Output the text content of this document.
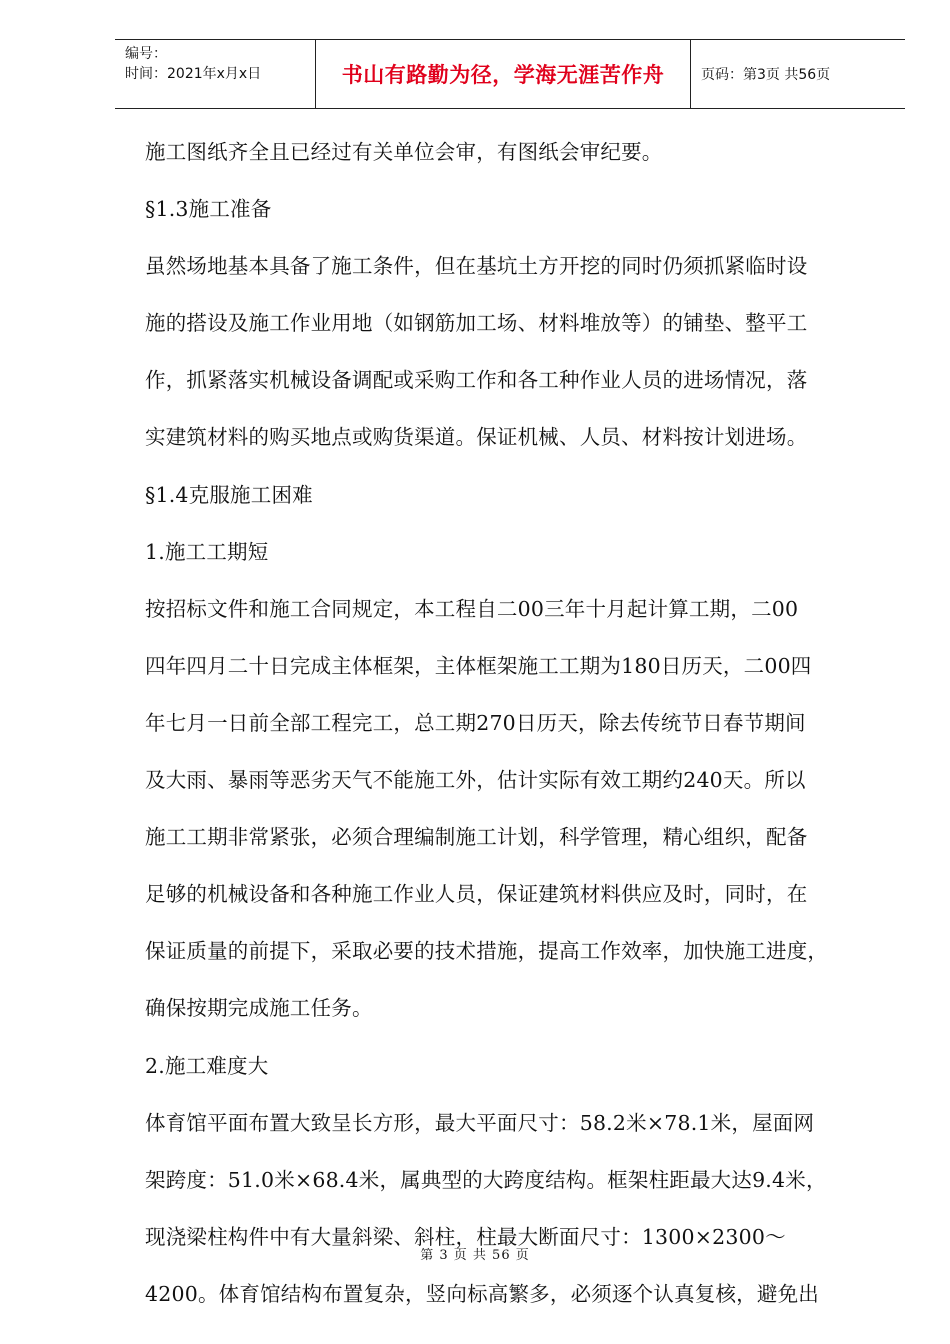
编号：
时间：2021年x月x日	书山有路勤为径，学海无涯苦作舟	页码：第3页 共56页
施工图纸齐全且已经过有关单位会审，有图纸会审纪要。
§1.3施工准备
虽然场地基本具备了施工条件，但在基坑土方开挖的同时仍须抓紧临时设
施的搭设及施工作业用地（如钢筋加工场、材料堆放等）的铺垫、整平工
作，抓紧落实机械设备调配或采购工作和各工种作业人员的进场情况，落
实建筑材料的购买地点或购货渠道。保证机械、人员、材料按计划进场。
§1.4克服施工困难
1.施工工期短
按招标文件和施工合同规定，本工程自二00三年十月起计算工期，二00
四年四月二十日完成主体框架，主体框架施工工期为180日历天，二00四
年七月一日前全部工程完工，总工期270日历天，除去传统节日春节期间
及大雨、暴雨等恶劣天气不能施工外，估计实际有效工期约240天。所以
施工工期非常紧张，必须合理编制施工计划，科学管理，精心组织，配备
足够的机械设备和各种施工作业人员，保证建筑材料供应及时，同时，在
保证质量的前提下，采取必要的技术措施，提高工作效率，加快施工进度，
确保按期完成施工任务。
2.施工难度大
体育馆平面布置大致呈长方形，最大平面尺寸：58.2米×78.1米，屋面网
架跨度：51.0米×68.4米，属典型的大跨度结构。框架柱距最大达9.4米，
现浇梁柱构件中有大量斜梁、斜柱，柱最大断面尺寸：1300×2300～
4200。体育馆结构布置复杂，竖向标高繁多，必须逐个认真复核，避免出
第 3 页 共 56 页
